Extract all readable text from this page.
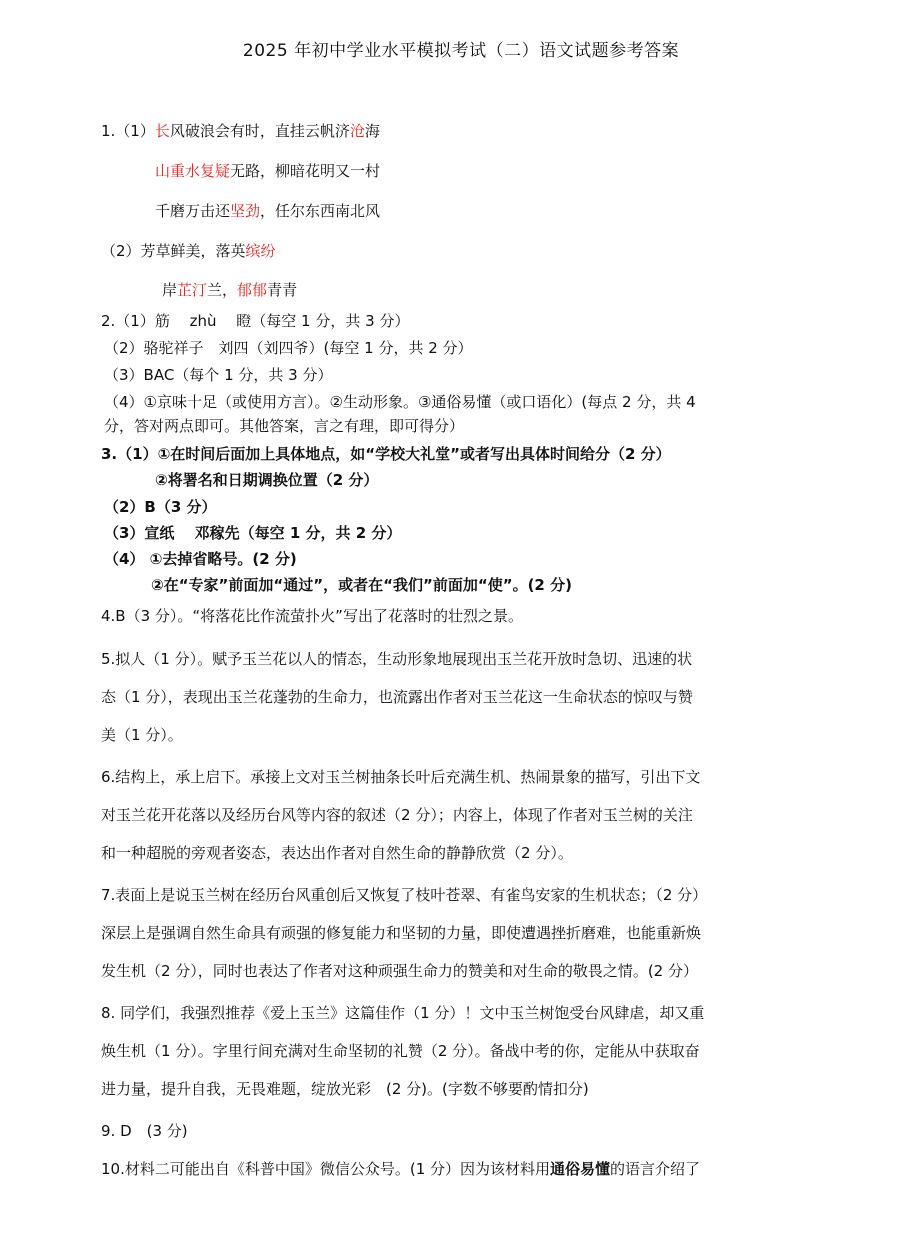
2025 年初中学业水平模拟考试（二）语文试题参考答案
1.（1）长风破浪会有时，直挂云帆济沧海
山重水复疑无路，柳暗花明又一村
千磨万击还坚劲，任尔东西南北风
（2）芳草鲜美，落英缤纷
岸芷汀兰，郁郁青青
2.（1）筋　 zhù 　瞪（每空 1 分，共 3 分）
（2）骆驼祥子　刘四（刘四爷）(每空 1 分，共 2 分）
（3）BAC（每个 1 分，共 3 分）
（4）①京味十足（或使用方言）。②生动形象。③通俗易懂（或口语化）(每点 2 分，共 4
分，答对两点即可。其他答案，言之有理，即可得分）
3.（1）①在时间后面加上具体地点，如“学校大礼堂”或者写出具体时间给分（2 分）
②将署名和日期调换位置（2 分）
（2）B（3 分）
（3）宣纸　 邓稼先（每空 1 分，共 2 分）
（4） ①去掉省略号。(2 分)
②在“专家”前面加“通过”，或者在“我们”前面加“使”。(2 分)
4.B（3 分）。“将落花比作流萤扑火”写出了花落时的壮烈之景。
5.拟人（1 分）。赋予玉兰花以人的情态，生动形象地展现出玉兰花开放时急切、迅速的状
态（1 分），表现出玉兰花蓬勃的生命力，也流露出作者对玉兰花这一生命状态的惊叹与赞
美（1 分）。
6.结构上，承上启下。承接上文对玉兰树抽条长叶后充满生机、热闹景象的描写，引出下文
对玉兰花开花落以及经历台风等内容的叙述（2 分）；内容上，体现了作者对玉兰树的关注
和一种超脱的旁观者姿态，表达出作者对自然生命的静静欣赏（2 分）。
7.表面上是说玉兰树在经历台风重创后又恢复了枝叶苍翠、有雀鸟安家的生机状态；（2 分）
深层上是强调自然生命具有顽强的修复能力和坚韧的力量，即使遭遇挫折磨难，也能重新焕
发生机（2 分），同时也表达了作者对这种顽强生命力的赞美和对生命的敬畏之情。(2 分）
8. 同学们，我强烈推荐《爱上玉兰》这篇佳作（1 分）！文中玉兰树饱受台风肆虐，却又重
焕生机（1 分）。字里行间充满对生命坚韧的礼赞（2 分）。备战中考的你，定能从中获取奋
进力量，提升自我，无畏难题，绽放光彩　(2 分)。(字数不够要酌情扣分)
9. D　(3 分)
10.材料二可能出自《科普中国》微信公众号。(1 分）因为该材料用通俗易懂的语言介绍了
